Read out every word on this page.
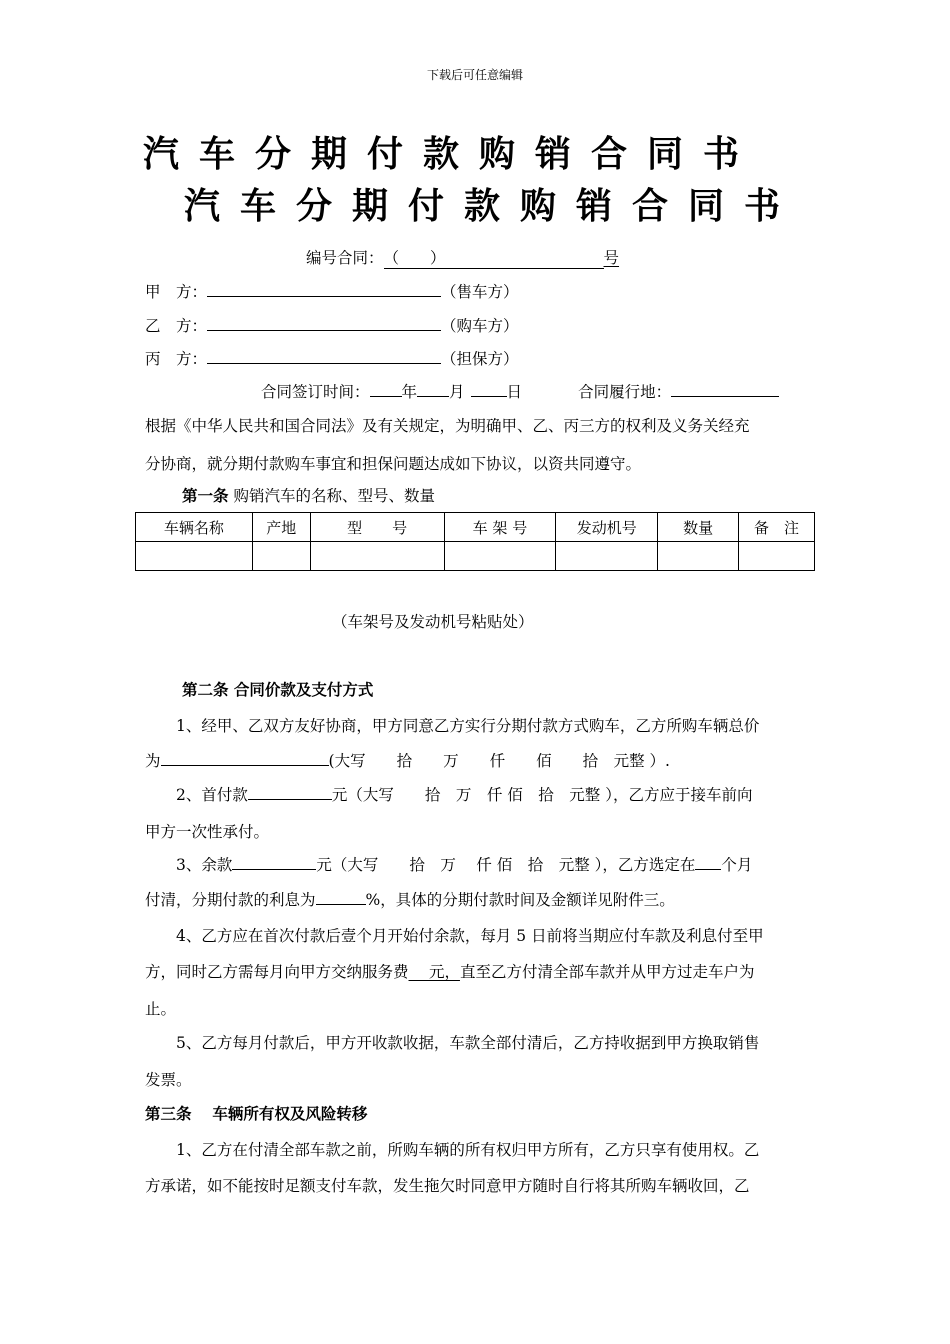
下载后可任意编辑
汽车分期付款购销合同书
汽车分期付款购销合同书
编号合同：（　　）	号
甲　方：	（售车方）
乙　方：	（购车方）
丙　方：	（担保方）
合同签订时间： 年 月	日	合同履行地：
根据《中华人民共和国合同法》及有关规定，为明确甲、乙、丙三方的权利及义务关经充
分协商，就分期付款购车事宜和担保问题达成如下协议，以资共同遵守。
第一条 购销汽车的名称、型号、数量
车辆名称	产地	型　　号	车 架 号	发动机号	数量	备　注

（车架号及发动机号粘贴处）
第二条 合同价款及支付方式
1、经甲、乙双方友好协商，甲方同意乙方实行分期付款方式购车，乙方所购车辆总价
为	(大写　　拾　　万　　仟　　佰　　拾　元整 ）.
2、首付款	元（大写　　拾　万　仟 佰　拾　元整 ），乙方应于接车前向
甲方一次性承付。
3、余款	元（大写　　拾　万　 仟 佰　拾　元整 ），乙方选定在 个月
付清，分期付款的利息为	%，具体的分期付款时间及金额详见附件三。
4、乙方应在首次付款后壹个月开始付余款，每月 5 日前将当期应付车款及利息付至甲
方，同时乙方需每月向甲方交纳服务费　 元，直至乙方付清全部车款并从甲方过走车户为
止。
5、乙方每月付款后，甲方开收款收据，车款全部付清后，乙方持收据到甲方换取销售
发票。
第三条　 车辆所有权及风险转移
1、乙方在付清全部车款之前，所购车辆的所有权归甲方所有，乙方只享有使用权。乙
方承诺，如不能按时足额支付车款，发生拖欠时同意甲方随时自行将其所购车辆收回，乙
